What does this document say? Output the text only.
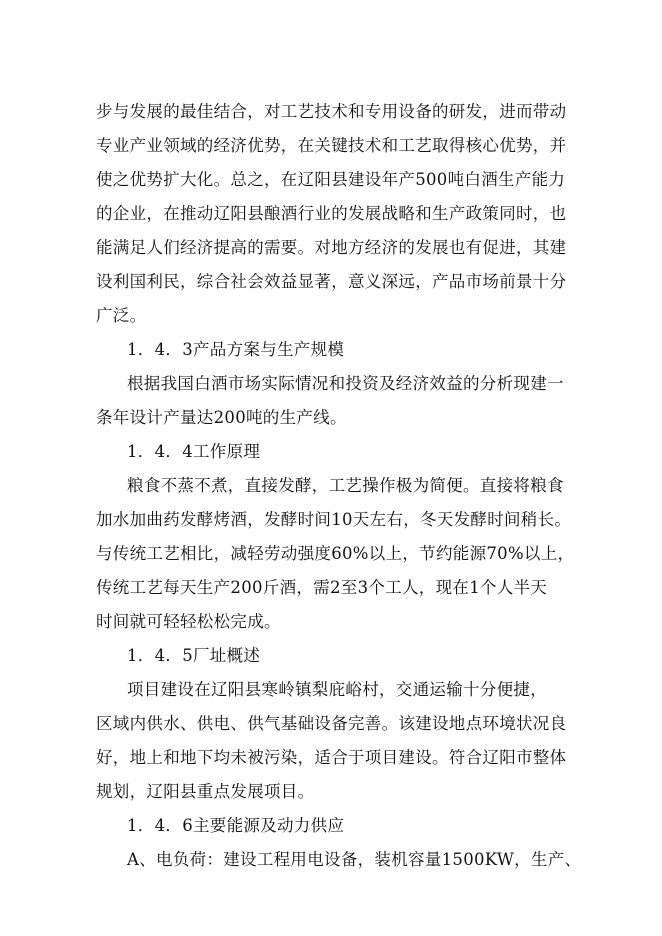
步与发展的最佳结合，对工艺技术和专用设备的研发，进而带动
专业产业领域的经济优势，在关键技术和工艺取得核心优势，并
使之优势扩大化。总之，在辽阳县建设年产500吨白酒生产能力
的企业，在推动辽阳县酿酒行业的发展战略和生产政策同时，也
能满足人们经济提高的需要。对地方经济的发展也有促进，其建
设利国利民，综合社会效益显著，意义深远，产品市场前景十分
广泛。
1．4．3产品方案与生产规模
根据我国白酒市场实际情况和投资及经济效益的分析现建一
条年设计产量达200吨的生产线。
1．4．4工作原理
粮食不蒸不煮，直接发酵，工艺操作极为简便。直接将粮食
加水加曲药发酵烤酒，发酵时间10天左右，冬天发酵时间稍长。
与传统工艺相比，减轻劳动强度60%以上，节约能源70%以上，
传统工艺每天生产200斤酒，需2至3个工人，现在1个人半天
时间就可轻轻松松完成。
1．4．5厂址概述
项目建设在辽阳县寒岭镇梨庇峪村，交通运输十分便捷，
区域内供水、供电、供气基础设备完善。该建设地点环境状况良
好，地上和地下均未被污染，适合于项目建设。符合辽阳市整体
规划，辽阳县重点发展项目。
1．4．6主要能源及动力供应
A、电负荷：建设工程用电设备，装机容量1500KW，生产、
